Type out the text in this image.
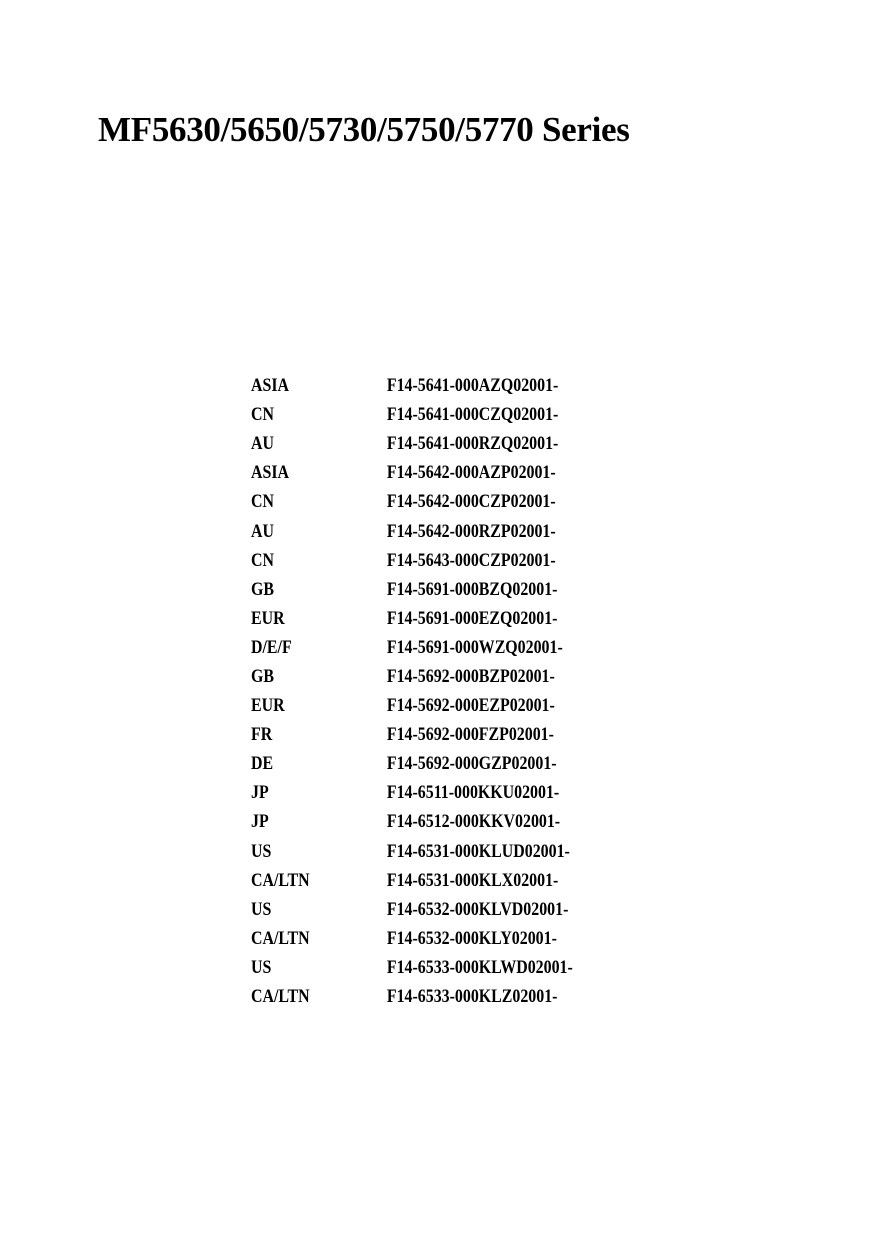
MF5630/5650/5730/5750/5770 Series
ASIA	F14-5641-000AZQ02001-
CN	F14-5641-000CZQ02001-
AU	F14-5641-000RZQ02001-
ASIA	F14-5642-000AZP02001-
CN	F14-5642-000CZP02001-
AU	F14-5642-000RZP02001-
CN	F14-5643-000CZP02001-
GB	F14-5691-000BZQ02001-
EUR	F14-5691-000EZQ02001-
D/E/F	F14-5691-000WZQ02001-
GB	F14-5692-000BZP02001-
EUR	F14-5692-000EZP02001-
FR	F14-5692-000FZP02001-
DE	F14-5692-000GZP02001-
JP	F14-6511-000KKU02001-
JP	F14-6512-000KKV02001-
US	F14-6531-000KLUD02001-
CA/LTN	F14-6531-000KLX02001-
US	F14-6532-000KLVD02001-
CA/LTN	F14-6532-000KLY02001-
US	F14-6533-000KLWD02001-
CA/LTN	F14-6533-000KLZ02001-
